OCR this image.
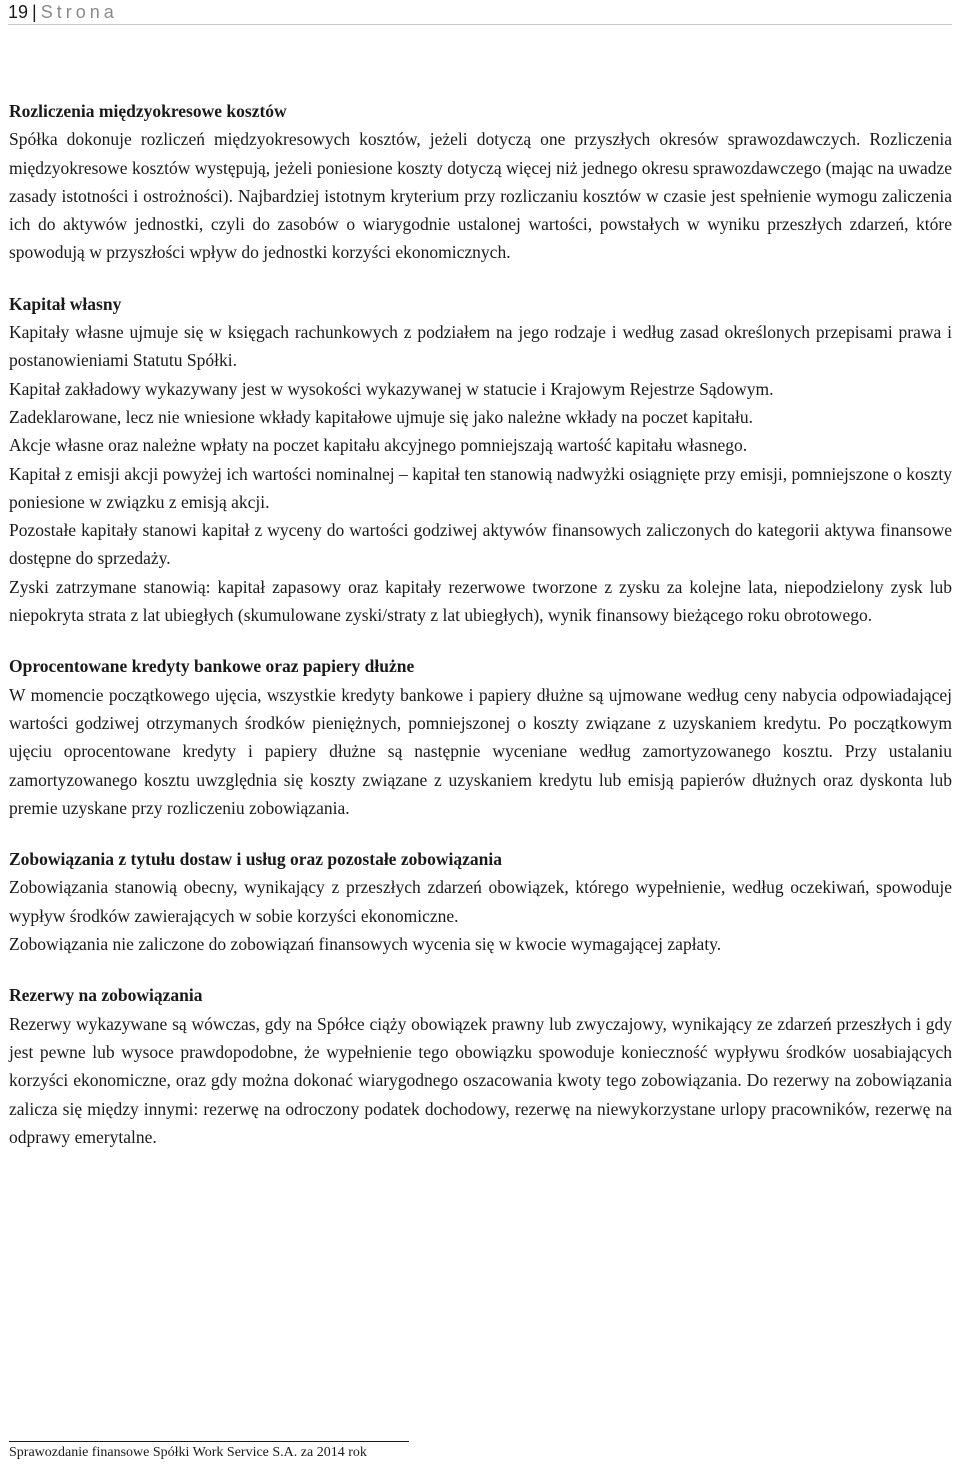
19 | Strona
Rozliczenia międzyokresowe kosztów

Spółka dokonuje rozliczeń międzyokresowych kosztów, jeżeli dotyczą one przyszłych okresów sprawozdawczych. Rozliczenia międzyokresowe kosztów występują, jeżeli poniesione koszty dotyczą więcej niż jednego okresu sprawozdawczego (mając na uwadze zasady istotności i ostrożności). Najbardziej istotnym kryterium przy rozliczaniu kosztów w czasie jest spełnienie wymogu zaliczenia ich do aktywów jednostki, czyli do zasobów o wiarygodnie ustalonej wartości, powstałych w wyniku przeszłych zdarzeń, które spowodują w przyszłości wpływ do jednostki korzyści ekonomicznych.

Kapitał własny

Kapitały własne ujmuje się w księgach rachunkowych z podziałem na jego rodzaje i według zasad określonych przepisami prawa i postanowieniami Statutu Spółki.

Kapitał zakładowy wykazywany jest w wysokości wykazywanej w statucie i Krajowym Rejestrze Sądowym.

Zadeklarowane, lecz nie wniesione wkłady kapitałowe ujmuje się jako należne wkłady na poczet kapitału.

Akcje własne oraz należne wpłaty na poczet kapitału akcyjnego pomniejszają wartość kapitału własnego.

Kapitał z emisji akcji powyżej ich wartości nominalnej – kapitał ten stanowią nadwyżki osiągnięte przy emisji, pomniejszone o koszty poniesione w związku z emisją akcji.

Pozostałe kapitały stanowi kapitał z wyceny do wartości godziwej aktywów finansowych zaliczonych do kategorii aktywa finansowe dostępne do sprzedaży.

Zyski zatrzymane stanowią: kapitał zapasowy oraz kapitały rezerwowe tworzone z zysku za kolejne lata, niepodzielony zysk lub niepokryta strata z lat ubiegłych (skumulowane zyski/straty z lat ubiegłych), wynik finansowy bieżącego roku obrotowego.

Oprocentowane kredyty bankowe oraz papiery dłużne

W momencie początkowego ujęcia, wszystkie kredyty bankowe i papiery dłużne są ujmowane według ceny nabycia odpowiadającej wartości godziwej otrzymanych środków pieniężnych, pomniejszonej o koszty związane z uzyskaniem kredytu. Po początkowym ujęciu oprocentowane kredyty i papiery dłużne są następnie wyceniane według zamortyzowanego kosztu. Przy ustalaniu zamortyzowanego kosztu uwzględnia się koszty związane z uzyskaniem kredytu lub emisją papierów dłużnych oraz dyskonta lub premie uzyskane przy rozliczeniu zobowiązania.

Zobowiązania z tytułu dostaw i usług oraz pozostałe zobowiązania

Zobowiązania stanowią obecny, wynikający z przeszłych zdarzeń obowiązek, którego wypełnienie, według oczekiwań, spowoduje wypływ środków zawierających w sobie korzyści ekonomiczne.

Zobowiązania nie zaliczone do zobowiązań finansowych wycenia się w kwocie wymagającej zapłaty.

Rezerwy na zobowiązania

Rezerwy wykazywane są wówczas, gdy na Spółce ciąży obowiązek prawny lub zwyczajowy, wynikający ze zdarzeń przeszłych i gdy jest pewne lub wysoce prawdopodobne, że wypełnienie tego obowiązku spowoduje konieczność wypływu środków uosabiających korzyści ekonomiczne, oraz gdy można dokonać wiarygodnego oszacowania kwoty tego zobowiązania. Do rezerwy na zobowiązania zalicza się między innymi: rezerwę na odroczony podatek dochodowy, rezerwę na niewykorzystane urlopy pracowników, rezerwę na odprawy emerytalne.

Sprawozdanie finansowe Spółki Work Service S.A. za 2014 rok
